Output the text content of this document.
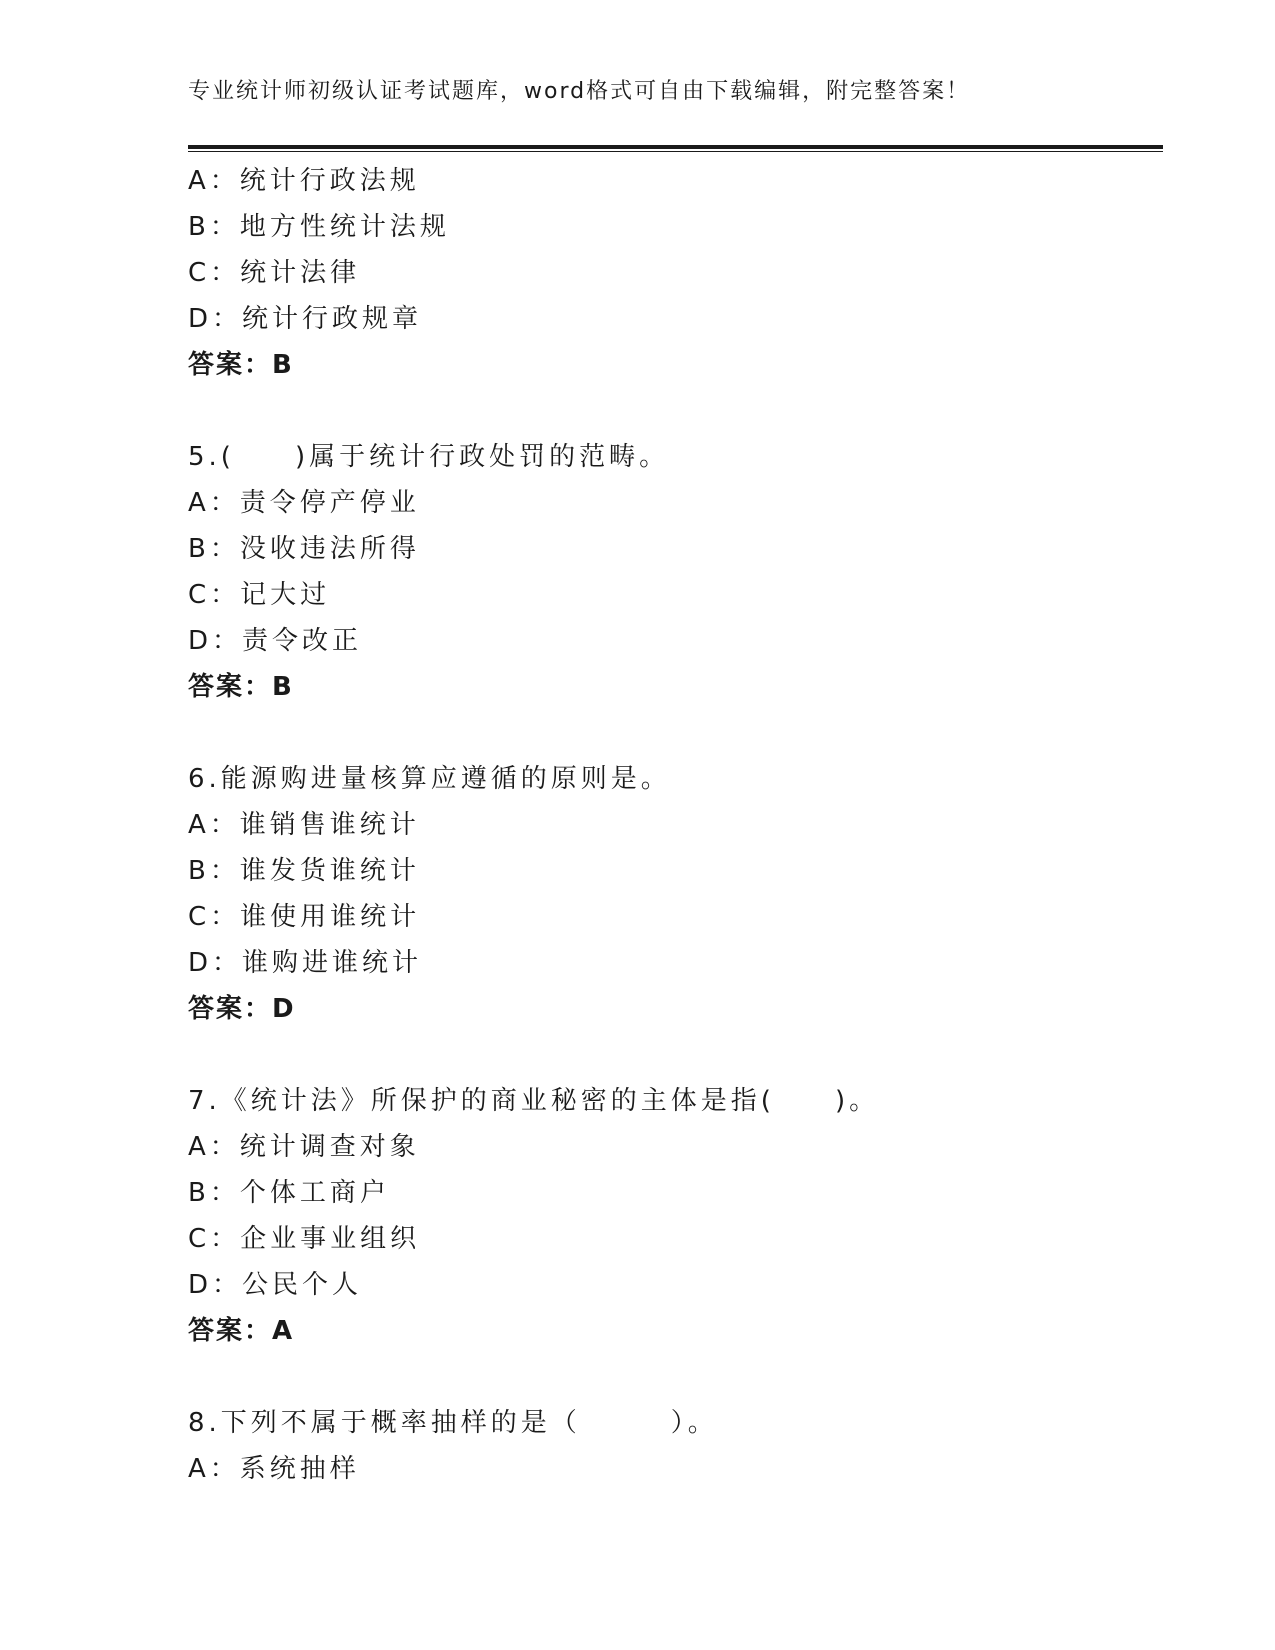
专业统计师初级认证考试题库，word格式可自由下载编辑，附完整答案！
A：统计行政法规
B：地方性统计法规
C：统计法律
D：统计行政规章
答案：B
5.(　　)属于统计行政处罚的范畴。
A：责令停产停业
B：没收违法所得
C：记大过
D：责令改正
答案：B
6.能源购进量核算应遵循的原则是。
A：谁销售谁统计
B：谁发货谁统计
C：谁使用谁统计
D：谁购进谁统计
答案：D
7.《统计法》所保护的商业秘密的主体是指(　　)。
A：统计调查对象
B：个体工商户
C：企业事业组织
D：公民个人
答案：A
8.下列不属于概率抽样的是（　　　）。
A：系统抽样
